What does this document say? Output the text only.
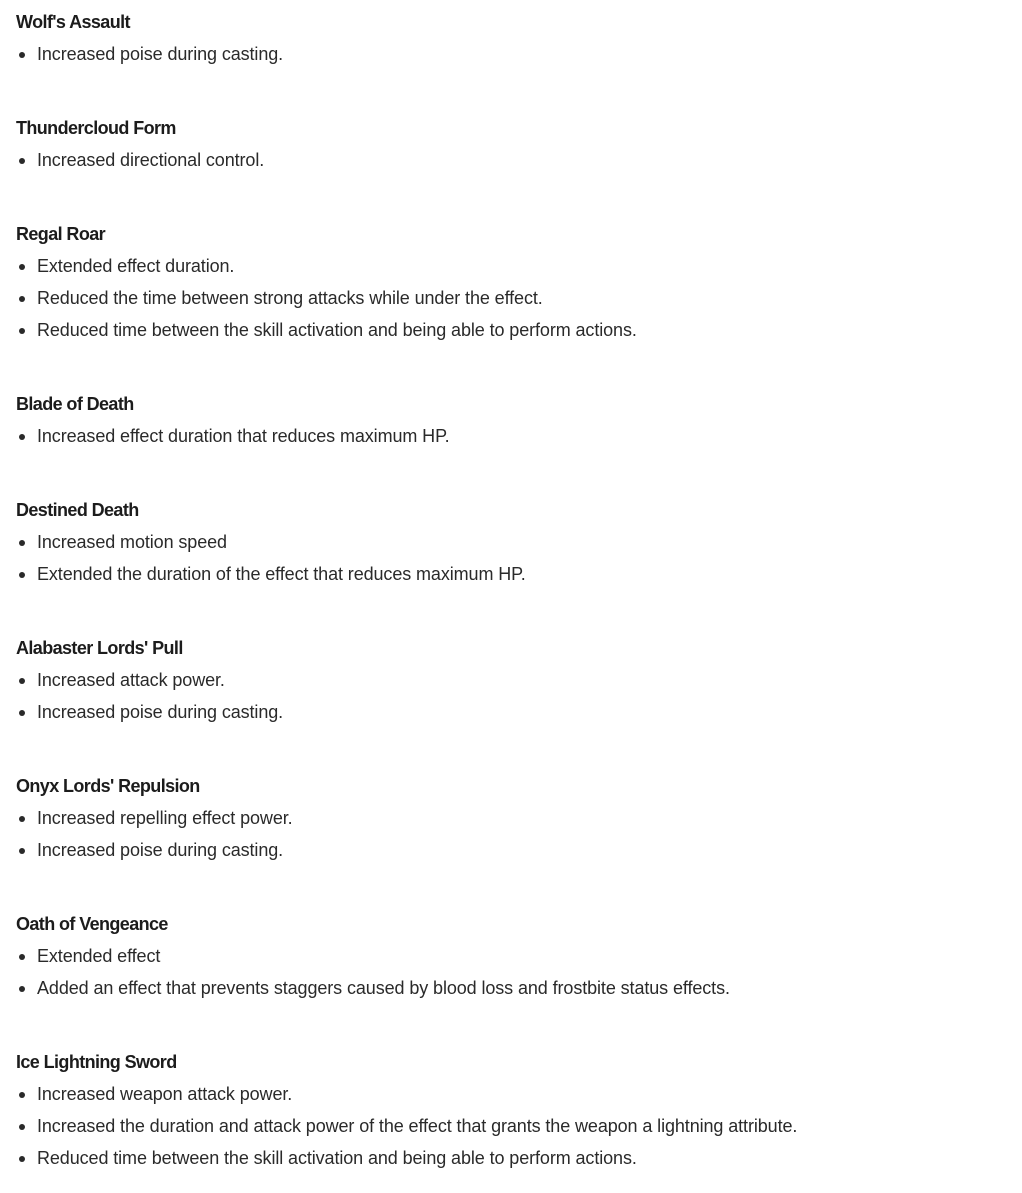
Wolf's Assault
Increased poise during casting.
Thundercloud Form
Increased directional control.
Regal Roar
Extended effect duration.
Reduced the time between strong attacks while under the effect.
Reduced time between the skill activation and being able to perform actions.
Blade of Death
Increased effect duration that reduces maximum HP.
Destined Death
Increased motion speed
Extended the duration of the effect that reduces maximum HP.
Alabaster Lords' Pull
Increased attack power.
Increased poise during casting.
Onyx Lords' Repulsion
Increased repelling effect power.
Increased poise during casting.
Oath of Vengeance
Extended effect
Added an effect that prevents staggers caused by blood loss and frostbite status effects.
Ice Lightning Sword
Increased weapon attack power.
Increased the duration and attack power of the effect that grants the weapon a lightning attribute.
Reduced time between the skill activation and being able to perform actions.
